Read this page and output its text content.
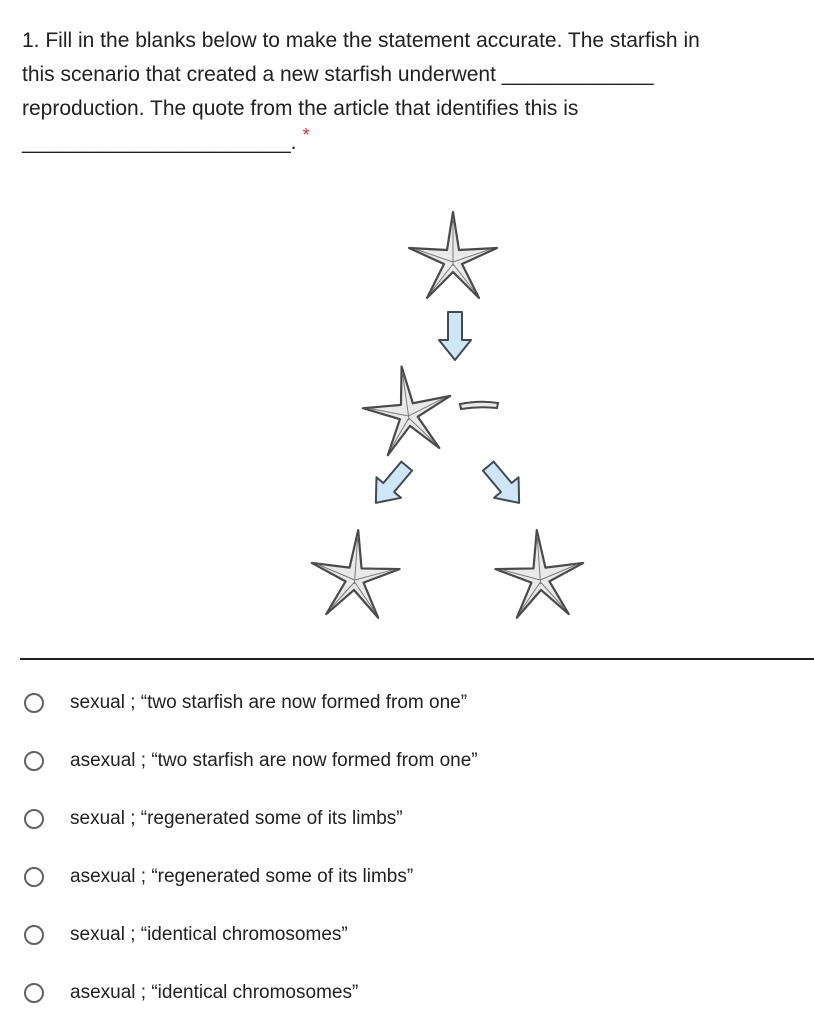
1. Fill in the blanks below to make the statement accurate. The starfish in
this scenario that created a new starfish underwent _____________
reproduction. The quote from the article that identifies this is
_______________________. *
sexual ; “two starfish are now formed from one”
asexual ; “two starfish are now formed from one”
sexual ; “regenerated some of its limbs”
asexual ; “regenerated some of its limbs”
sexual ; “identical chromosomes”
asexual ; “identical chromosomes”
